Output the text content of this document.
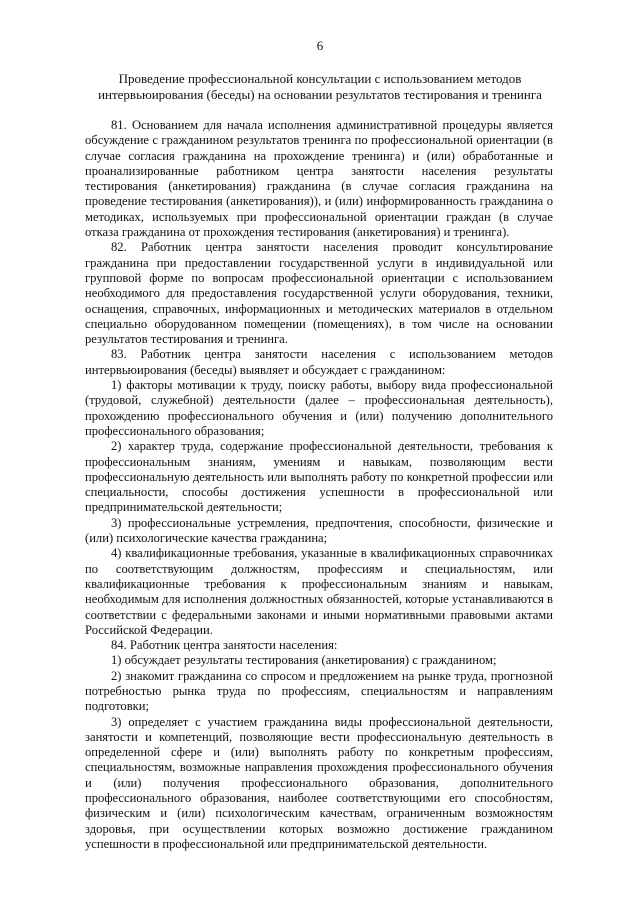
6
Проведение профессиональной консультации с использованием методов интервьюирования (беседы) на основании результатов тестирования и тренинга

81. Основанием для начала исполнения административной процедуры является обсуждение с гражданином результатов тренинга по профессиональной ориентации (в случае согласия гражданина на прохождение тренинга) и (или) обработанные и проанализированные работником центра занятости населения результаты тестирования (анкетирования) гражданина (в случае согласия гражданина на проведение тестирования (анкетирования)), и (или) информированность гражданина о методиках, используемых при профессиональной ориентации граждан (в случае отказа гражданина от прохождения тестирования (анкетирования) и тренинга).

82. Работник центра занятости населения проводит консультирование гражданина при предоставлении государственной услуги в индивидуальной или групповой форме по вопросам профессиональной ориентации с использованием необходимого для предоставления государственной услуги оборудования, техники, оснащения, справочных, информационных и методических материалов в отдельном специально оборудованном помещении (помещениях), в том числе на основании результатов тестирования и тренинга.

83. Работник центра занятости населения с использованием методов интервьюирования (беседы) выявляет и обсуждает с гражданином:

1) факторы мотивации к труду, поиску работы, выбору вида профессиональной (трудовой, служебной) деятельности (далее – профессиональная деятельность), прохождению профессионального обучения и (или) получению дополнительного профессионального образования;

2) характер труда, содержание профессиональной деятельности, требования к профессиональным знаниям, умениям и навыкам, позволяющим вести профессиональную деятельность или выполнять работу по конкретной профессии или специальности, способы достижения успешности в профессиональной или предпринимательской деятельности;

3) профессиональные устремления, предпочтения, способности, физические и (или) психологические качества гражданина;

4) квалификационные требования, указанные в квалификационных справочниках по соответствующим должностям, профессиям и специальностям, или квалификационные требования к профессиональным знаниям и навыкам, необходимым для исполнения должностных обязанностей, которые устанавливаются в соответствии с федеральными законами и иными нормативными правовыми актами Российской Федерации.

84. Работник центра занятости населения:

1) обсуждает результаты тестирования (анкетирования) с гражданином;

2) знакомит гражданина со спросом и предложением на рынке труда, прогнозной потребностью рынка труда по профессиям, специальностям и направлениям подготовки;

3) определяет с участием гражданина виды профессиональной деятельности, занятости и компетенций, позволяющие вести профессиональную деятельность в определенной сфере и (или) выполнять работу по конкретным профессиям, специальностям, возможные направления прохождения профессионального обучения и (или) получения профессионального образования, дополнительного профессионального образования, наиболее соответствующими его способностям, физическим и (или) психологическим качествам, ограниченным возможностям здоровья, при осуществлении которых возможно достижение гражданином успешности в профессиональной или предпринимательской деятельности.
